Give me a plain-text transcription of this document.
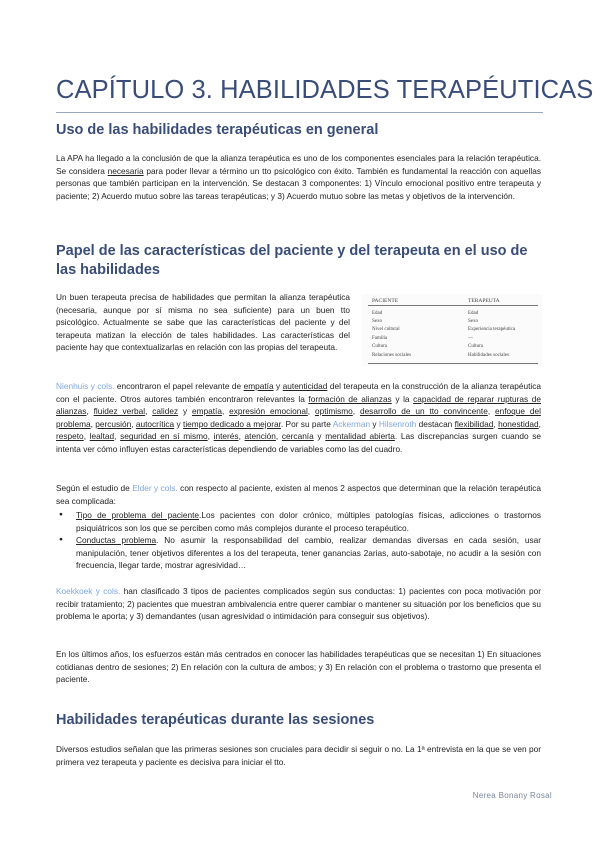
CAPÍTULO 3. HABILIDADES TERAPÉUTICAS
Uso de las habilidades terapéuticas en general

La APA ha llegado a la conclusión de que la alianza terapéutica es uno de los componentes esenciales para la relación terapéutica. Se considera necesaria para poder llevar a término un tto psicológico con éxito. También es fundamental la reacción con aquellas personas que también participan en la intervención. Se destacan 3 componentes: 1) Vínculo emocional positivo entre terapeuta y paciente; 2) Acuerdo mutuo sobre las tareas terapéuticas; y 3) Acuerdo mutuo sobre las metas y objetivos de la intervención.

Papel de las características del paciente y del terapeuta en el uso de las habilidades

Un buen terapeuta precisa de habilidades que permitan la alianza terapéutica (necesaria, aunque por sí misma no sea suficiente) para un buen tto psicológico. Actualmente se sabe que las características del paciente y del terapeuta matizan la elección de tales habilidades. Las características del paciente hay que contextualizarlas en relación con las propias del terapeuta.

PACIENTE	TERAPEUTA
Edad	Edad
Sexo	Sexo
Nivel cultural	Experiencia terapéutica
Familia	—
Cultura	Cultura
Relaciones sociales	Habilidades sociales

Nienhuis y cols. encontraron el papel relevante de empatía y autenticidad del terapeuta en la construcción de la alianza terapéutica con el paciente. Otros autores también encontraron relevantes la formación de alianzas y la capacidad de reparar rupturas de alianzas, fluidez verbal, calidez y empatía, expresión emocional, optimismo, desarrollo de un tto convincente, enfoque del problema, percusión, autocrítica y tiempo dedicado a mejorar. Por su parte Ackerman y Hilsenroth destacan flexibilidad, honestidad, respeto, lealtad, seguridad en sí mismo, interés, atención, cercanía y mentalidad abierta. Las discrepancias surgen cuando se intenta ver cómo influyen estas características dependiendo de variables como las del cuadro.

Según el estudio de Elder y cols. con respecto al paciente, existen al menos 2 aspectos que determinan que la relación terapéutica sea complicada:

● Tipo de problema del paciente.Los pacientes con dolor crónico, múltiples patologías físicas, adicciones o trastornos psiquiátricos son los que se perciben como más complejos durante el proceso terapéutico.
● Conductas problema. No asumir la responsabilidad del cambio, realizar demandas diversas en cada sesión, usar manipulación, tener objetivos diferentes a los del terapeuta, tener ganancias 2arias, auto-sabotaje, no acudir a la sesión con frecuencia, llegar tarde, mostrar agresividad…

Koekkoek y cols. han clasificado 3 tipos de pacientes complicados según sus conductas: 1) pacientes con poca motivación por recibir tratamiento; 2) pacientes que muestran ambivalencia entre querer cambiar o mantener su situación por los beneficios que su problema le aporta; y 3) demandantes (usan agresividad o intimidación para conseguir sus objetivos).

En los últimos años, los esfuerzos están más centrados en conocer las habilidades terapéuticas que se necesitan 1) En situaciones cotidianas dentro de sesiones; 2) En relación con la cultura de ambos; y 3) En relación con el problema o trastorno que presenta el paciente.

Habilidades terapéuticas durante las sesiones

Diversos estudios señalan que las primeras sesiones son cruciales para decidir si seguir o no. La 1ª entrevista en la que se ven por primera vez terapeuta y paciente es decisiva para iniciar el tto.

Nerea Bonany Rosal
